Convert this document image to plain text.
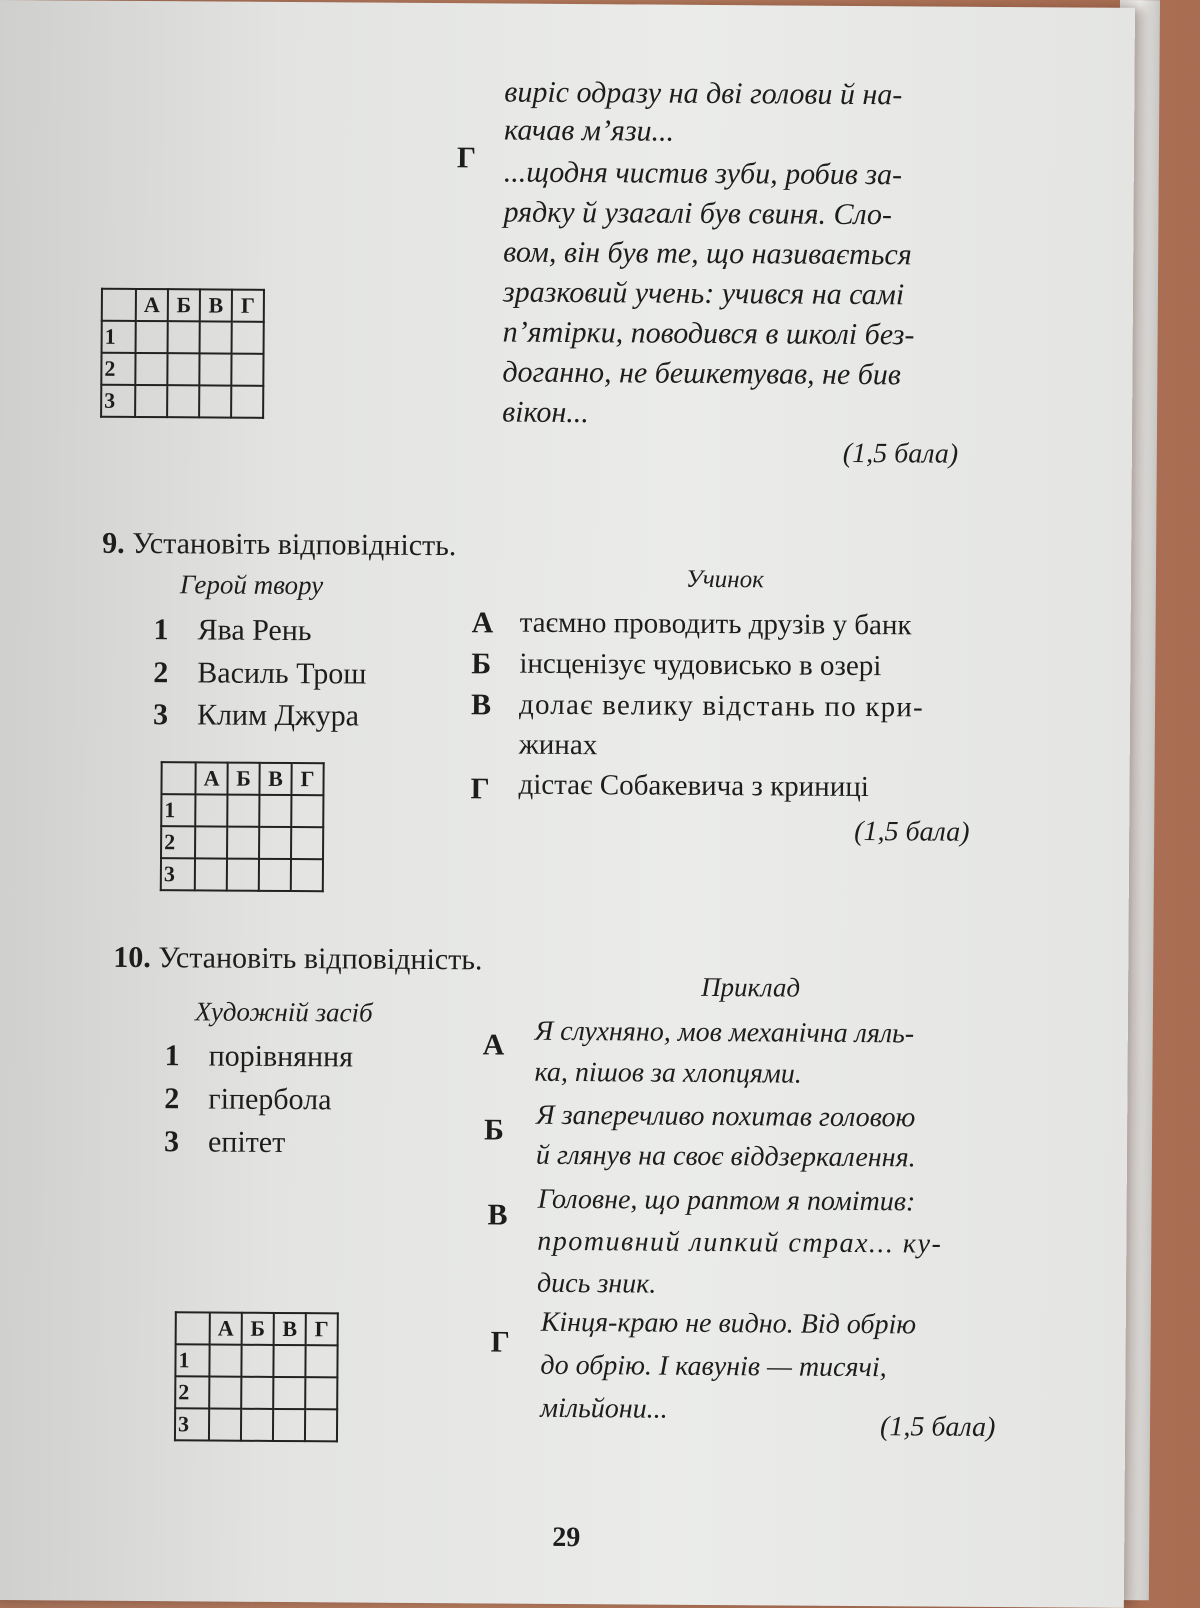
виріс одразу на дві голови й на-
качав м’язи...
Г ...щодня чистив зуби, робив за-
рядку й узагалі був свиня. Сло-
вом, він був те, що називається
зразковий учень: учився на самі
п’ятірки, поводився в школі без-
доганно, не бешкетував, не бив
вікон...
(1,5 бала)
	А	Б	В	Г
1				
2				
3				
9. Установіть відповідність.
Герой твору	Учинок
1 Ява Рень
2 Василь Трош
3 Клим Джура
А таємно проводить друзів у банк
Б інсценізує чудовисько в озері
В долає велику відстань по кри-
жинах
Г дістає Собакевича з криниці
(1,5 бала)
	А	Б	В	Г
1				
2				
3				
10. Установіть відповідність.
Художній засіб
Приклад
1 порівняння
2 гіпербола
3 епітет
А Я слухняно, мов механічна ляль-
ка, пішов за хлопцями.
Б Я заперечливо похитав головою
й глянув на своє віддзеркалення.
В Головне, що раптом я помітив:
противний липкий страх... ку-
дись зник.
Г
Кінця-краю не видно. Від обрію
до обрію. І кавунів — тисячі,
мільйони...
(1,5 бала)
	А	Б	В	Г
1				
2				
3				
29
